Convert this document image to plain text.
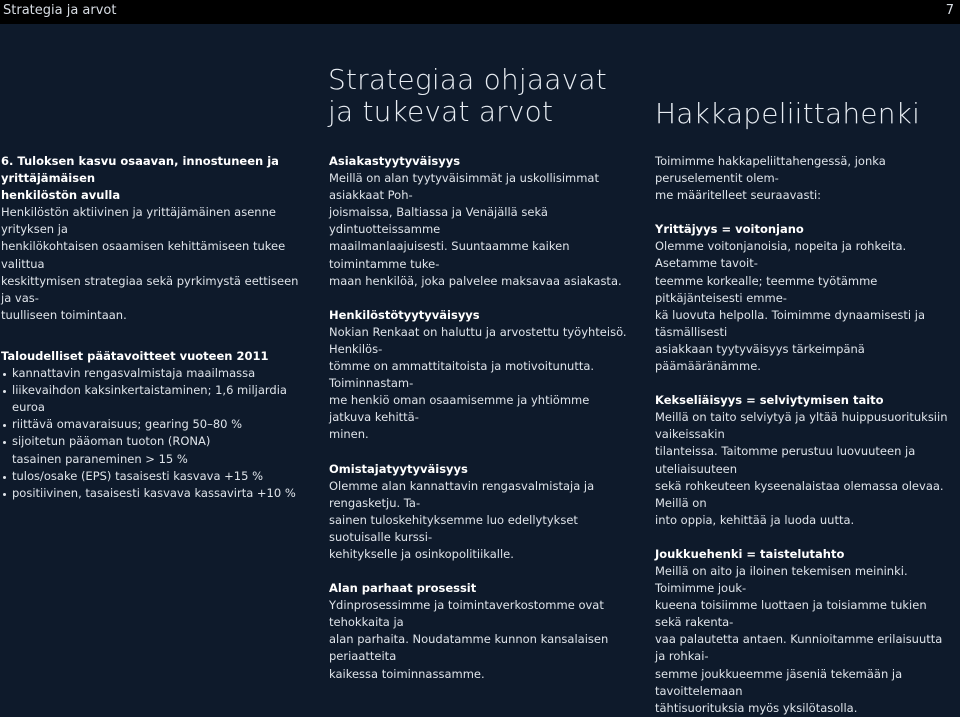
Strategia ja arvot	7
Strategiaa ohjaavat
ja tukevat arvot	Hakkapeliittahenki
6. Tuloksen kasvu osaavan, innostuneen ja yrittäjämäisen
henkilöstön avulla
Henkilöstön aktiivinen ja yrittäjämäinen asenne yrityksen ja
henkilökohtaisen osaamisen kehittämiseen tukee valittua
keskittymisen strategiaa sekä pyrkimystä eettiseen ja vas-
tuulliseen toimintaan.
Taloudelliset päätavoitteet vuoteen 2011
kannattavin rengasvalmistaja maailmassa
liikevaihdon kaksinkertaistaminen; 1,6 miljardia euroa
riittävä omavaraisuus; gearing 50–80 %
sijoitetun pääoman tuoton (RONA)
tasainen paraneminen > 15 %
tulos/osake (EPS) tasaisesti kasvava +15 %
positiivinen, tasaisesti kasvava kassavirta +10 %
Asiakastyytyväisyys
Meillä on alan tyytyväisimmät ja uskollisimmat asiakkaat Poh-
joismaissa, Baltiassa ja Venäjällä sekä ydintuotteissamme
maailmanlaajuisesti. Suuntaamme kaiken toimintamme tuke-
maan henkilöä, joka palvelee maksavaa asiakasta.
Henkilöstötyytyväisyys
Nokian Renkaat on haluttu ja arvostettu työyhteisö. Henkilös-
tömme on ammattitaitoista ja motivoitunutta. Toiminnastam-
me henkiö oman osaamisemme ja yhtiömme jatkuva kehittä-
minen.
Omistajatyytyväisyys
Olemme alan kannattavin rengasvalmistaja ja rengasketju. Ta-
sainen tuloskehityksemme luo edellytykset suotuisalle kurssi-
kehitykselle ja osinkopolitiikalle.
Alan parhaat prosessit
Ydinprosessimme ja toimintaverkostomme ovat tehokkaita ja
alan parhaita. Noudatamme kunnon kansalaisen periaatteita
kaikessa toiminnassamme.
Toimimme hakkapeliittahengessä, jonka peruselementit olem-
me määritelleet seuraavasti:
Yrittäjyys = voitonjano
Olemme voitonjanoisia, nopeita ja rohkeita. Asetamme tavoit-
teemme korkealle; teemme työtämme pitkäjänteisesti emme-
kä luovuta helpolla. Toimimme dynaamisesti ja täsmällisesti
asiakkaan tyytyväisyys tärkeimpänä päämääränämme.
Kekseliäisyys = selviytymisen taito
Meillä on taito selviytyä ja yltää huippusuorituksiin vaikeissakin
tilanteissa. Taitomme perustuu luovuuteen ja uteliaisuuteen
sekä rohkeuteen kyseenalaistaa olemassa olevaa. Meillä on
into oppia, kehittää ja luoda uutta.
Joukkuehenki = taistelutahto
Meillä on aito ja iloinen tekemisen meininki. Toimimme jouk-
kueena toisiimme luottaen ja toisiamme tukien sekä rakenta-
vaa palautetta antaen. Kunnioitamme erilaisuutta ja rohkai-
semme joukkueemme jäseniä tekemään ja tavoittelemaan
tähtisuorituksia myös yksilötasolla.
